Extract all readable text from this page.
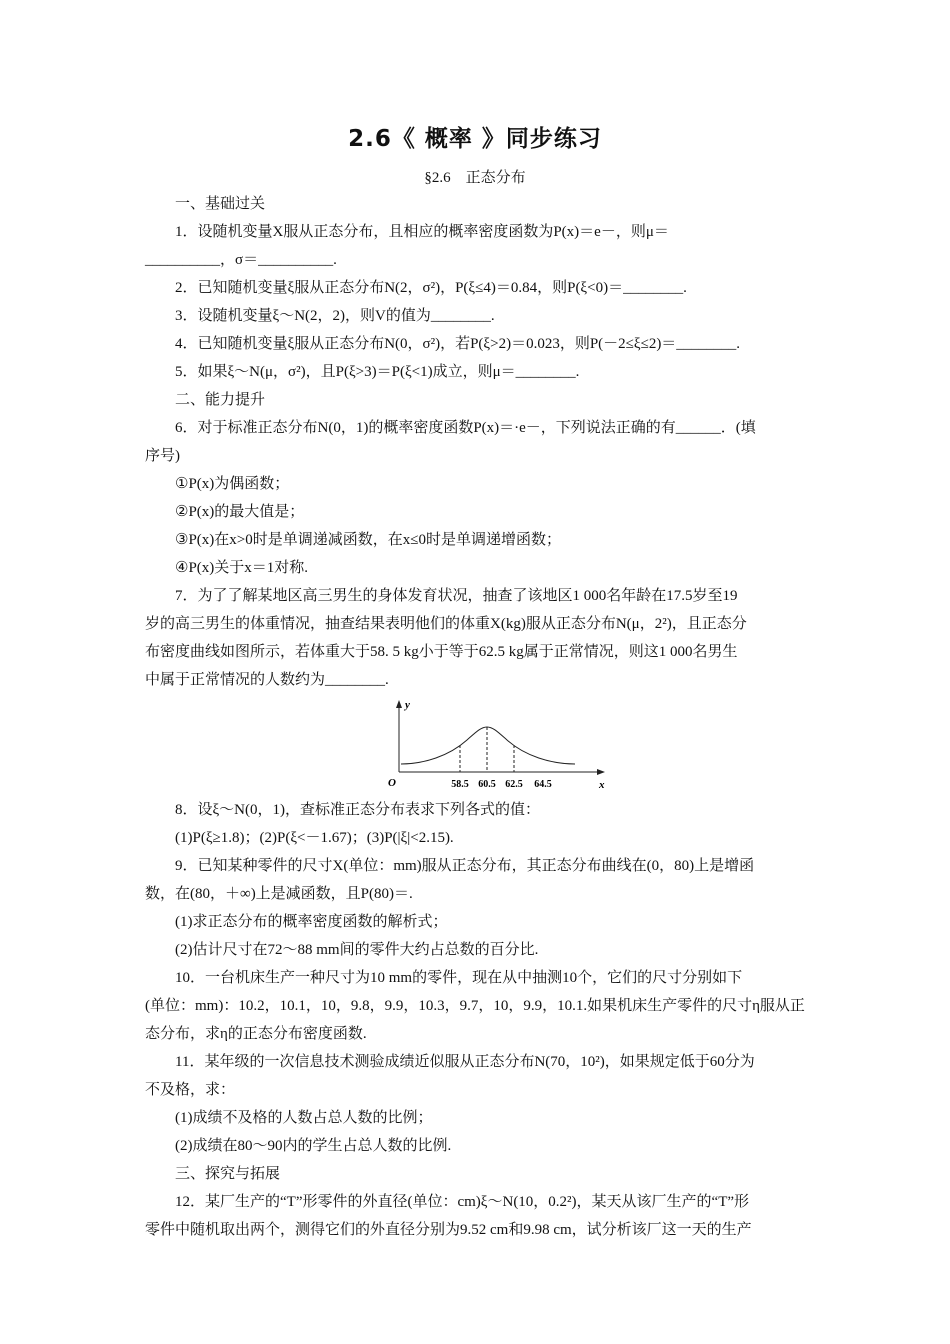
2.6《 概率 》同步练习
§2.6　正态分布
一、基础过关
1．设随机变量X服从正态分布，且相应的概率密度函数为P(x)＝e－，则μ＝
__________，σ＝__________.
2．已知随机变量ξ服从正态分布N(2，σ²)，P(ξ≤4)＝0.84，则P(ξ<0)＝________.
3．设随机变量ξ～N(2，2)，则V的值为________.
4．已知随机变量ξ服从正态分布N(0，σ²)，若P(ξ>2)＝0.023，则P(－2≤ξ≤2)＝________.
5．如果ξ～N(μ，σ²)，且P(ξ>3)＝P(ξ<1)成立，则μ＝________.
二、能力提升
6．对于标准正态分布N(0，1)的概率密度函数P(x)＝·e－，下列说法正确的有______．(填
序号)
①P(x)为偶函数；
②P(x)的最大值是；
③P(x)在x>0时是单调递减函数，在x≤0时是单调递增函数；
④P(x)关于x＝1对称.
7．为了了解某地区高三男生的身体发育状况，抽查了该地区1 000名年龄在17.5岁至19
岁的高三男生的体重情况，抽查结果表明他们的体重X(kg)服从正态分布N(μ，2²)，且正态分
布密度曲线如图所示，若体重大于58. 5 kg小于等于62.5 kg属于正常情况，则这1 000名男生
中属于正常情况的人数约为________.
y
x
O	58.5 60.5 62.5 64.5
8．设ξ～N(0，1)，查标准正态分布表求下列各式的值：
(1)P(ξ≥1.8)；(2)P(ξ<－1.67)；(3)P(|ξ|<2.15).
9．已知某种零件的尺寸X(单位：mm)服从正态分布，其正态分布曲线在(0，80)上是增函
数，在(80，＋∞)上是减函数，且P(80)＝.
(1)求正态分布的概率密度函数的解析式；
(2)估计尺寸在72～88 mm间的零件大约占总数的百分比.
10．一台机床生产一种尺寸为10 mm的零件，现在从中抽测10个，它们的尺寸分别如下
(单位：mm)：10.2，10.1，10，9.8，9.9，10.3，9.7，10，9.9，10.1.如果机床生产零件的尺寸η服从正
态分布，求η的正态分布密度函数.
11．某年级的一次信息技术测验成绩近似服从正态分布N(70，10²)，如果规定低于60分为
不及格，求：
(1)成绩不及格的人数占总人数的比例；
(2)成绩在80～90内的学生占总人数的比例.
三、探究与拓展
12．某厂生产的“T”形零件的外直径(单位：cm)ξ～N(10，0.2²)，某天从该厂生产的“T”形
零件中随机取出两个，测得它们的外直径分别为9.52 cm和9.98 cm，试分析该厂这一天的生产
